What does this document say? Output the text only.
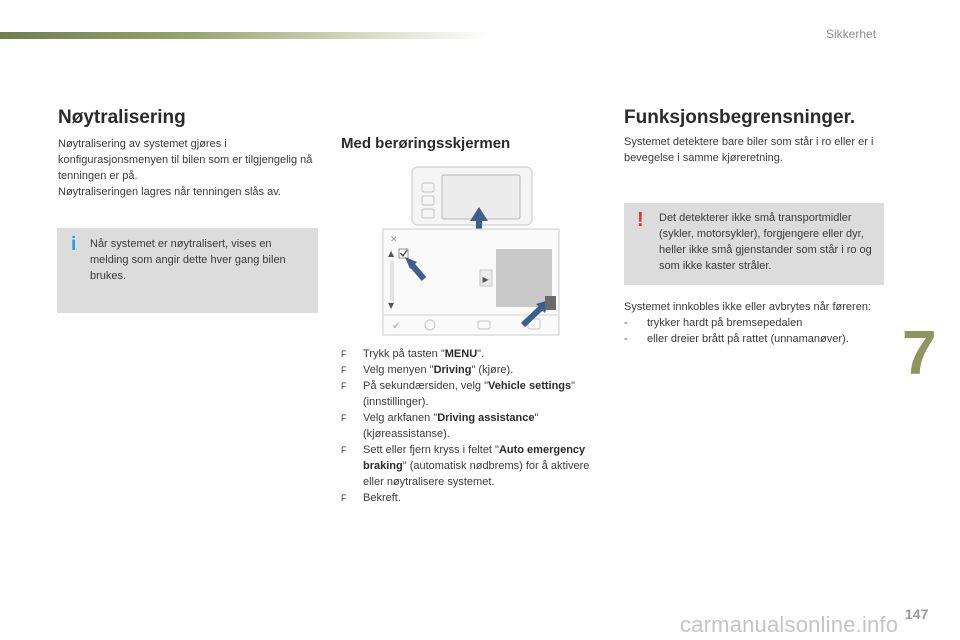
Sikkerhet
Nøytralisering
Nøytralisering av systemet gjøres i konfigurasjonsmenyen til bilen som er tilgjengelig nå tenningen er på.
Nøytraliseringen lagres når tenningen slås av.
i Når systemet er nøytralisert, vises en melding som angir dette hver gang bilen brukes.
Med berøringsskjermen
✕
▲
▼
▶
✔
F Trykk på tasten "MENU".
F Velg menyen "Driving" (kjøre).
F På sekundærsiden, velg "Vehicle settings" (innstillinger).
F Velg arkfanen "Driving assistance" (kjøreassistanse).
F Sett eller fjern kryss i feltet "Auto emergency braking" (automatisk nødbrems) for å aktivere eller nøytralisere systemet.
F Bekreft.
Funksjonsbegrensninger.
Systemet detektere bare biler som står i ro eller er i bevegelse i samme kjøreretning.
! Det detekterer ikke små transportmidler (sykler, motorsykler), forgjengere eller dyr, heller ikke små gjenstander som står i ro og som ikke kaster stråler.
Systemet innkobles ikke eller avbrytes når føreren:
- trykker hardt på bremsepedalen
- eller dreier brått på rattet (unnamanøver). 7
147
carmanualsonline.info
